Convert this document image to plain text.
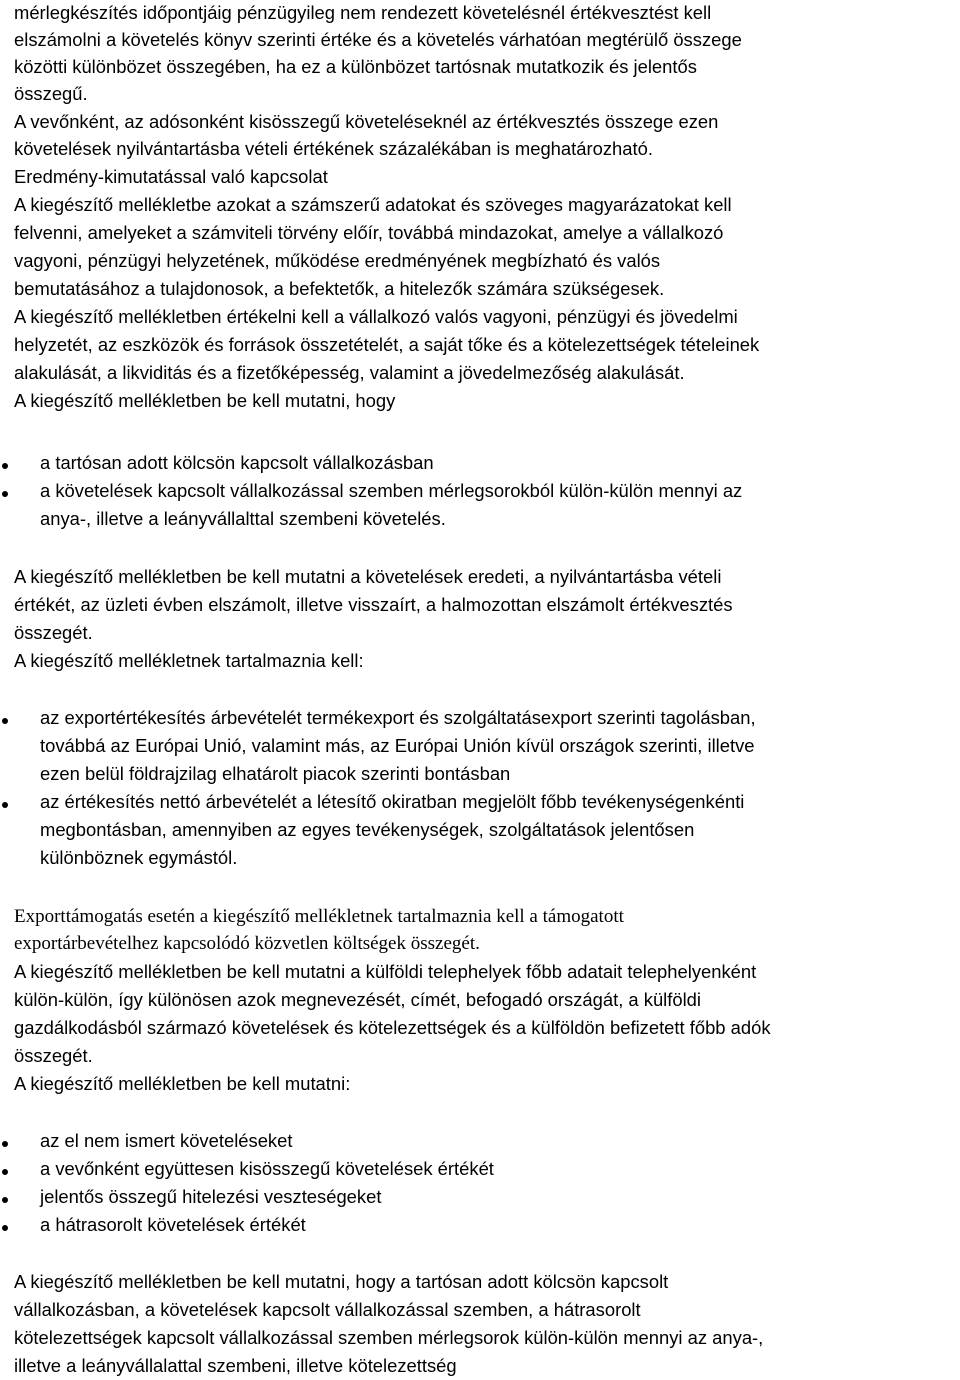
mérlegkészítés időpontjáig pénzügyileg nem rendezett követelésnél értékvesztést kell

elszámolni a követelés könyv szerinti értéke és a követelés várhatóan megtérülő összege

közötti különbözet összegében, ha ez a különbözet tartósnak mutatkozik és jelentős

összegű.

A vevőnként, az adósonként kisösszegű követeléseknél az értékvesztés összege ezen

követelések nyilvántartásba vételi értékének százalékában is meghatározható.

Eredmény-kimutatással való kapcsolat

A kiegészítő mellékletbe azokat a számszerű adatokat és szöveges magyarázatokat kell

felvenni, amelyeket a számviteli törvény előír, továbbá mindazokat, amelye a vállalkozó

vagyoni, pénzügyi helyzetének, működése eredményének megbízható és valós

bemutatásához a tulajdonosok, a befektetők, a hitelezők számára szükségesek.

A kiegészítő mellékletben értékelni kell a vállalkozó valós vagyoni, pénzügyi és jövedelmi

helyzetét, az eszközök és források összetételét, a saját tőke és a kötelezettségek tételeinek

alakulását, a likviditás és a fizetőképesség, valamint a jövedelmezőség alakulását.

A kiegészítő mellékletben be kell mutatni, hogy

a tartósan adott kölcsön kapcsolt vállalkozásban

a követelések kapcsolt vállalkozással szemben mérlegsorokból külön-külön mennyi az

anya-, illetve a leányvállalttal szembeni követelés.

A kiegészítő mellékletben be kell mutatni a követelések eredeti, a nyilvántartásba vételi

értékét, az üzleti évben elszámolt, illetve visszaírt, a halmozottan elszámolt értékvesztés

összegét.

A kiegészítő mellékletnek tartalmaznia kell:

az exportértékesítés árbevételét termékexport és szolgáltatásexport szerinti tagolásban,

továbbá az Európai Unió, valamint más, az Európai Unión kívül országok szerinti, illetve

ezen belül földrajzilag elhatárolt piacok szerinti bontásban

az értékesítés nettó árbevételét a létesítő okiratban megjelölt főbb tevékenységenkénti

megbontásban, amennyiben az egyes tevékenységek, szolgáltatások jelentősen

különböznek egymástól.

Exporttámogatás esetén a kiegészítő mellékletnek tartalmaznia kell a támogatott

exportárbevételhez kapcsolódó közvetlen költségek összegét.

A kiegészítő mellékletben be kell mutatni a külföldi telephelyek főbb adatait telephelyenként

külön-külön, így különösen azok megnevezését, címét, befogadó országát, a külföldi

gazdálkodásból származó követelések és kötelezettségek és a külföldön befizetett főbb adók

összegét.

A kiegészítő mellékletben be kell mutatni:

az el nem ismert követeléseket

a vevőnként együttesen kisösszegű követelések értékét

jelentős összegű hitelezési veszteségeket

a hátrasorolt követelések értékét

A kiegészítő mellékletben be kell mutatni, hogy a tartósan adott kölcsön kapcsolt

vállalkozásban, a követelések kapcsolt vállalkozással szemben, a hátrasorolt

kötelezettségek kapcsolt vállalkozással szemben mérlegsorok külön-külön mennyi az anya-,

illetve a leányvállalattal szembeni, illetve kötelezettség
